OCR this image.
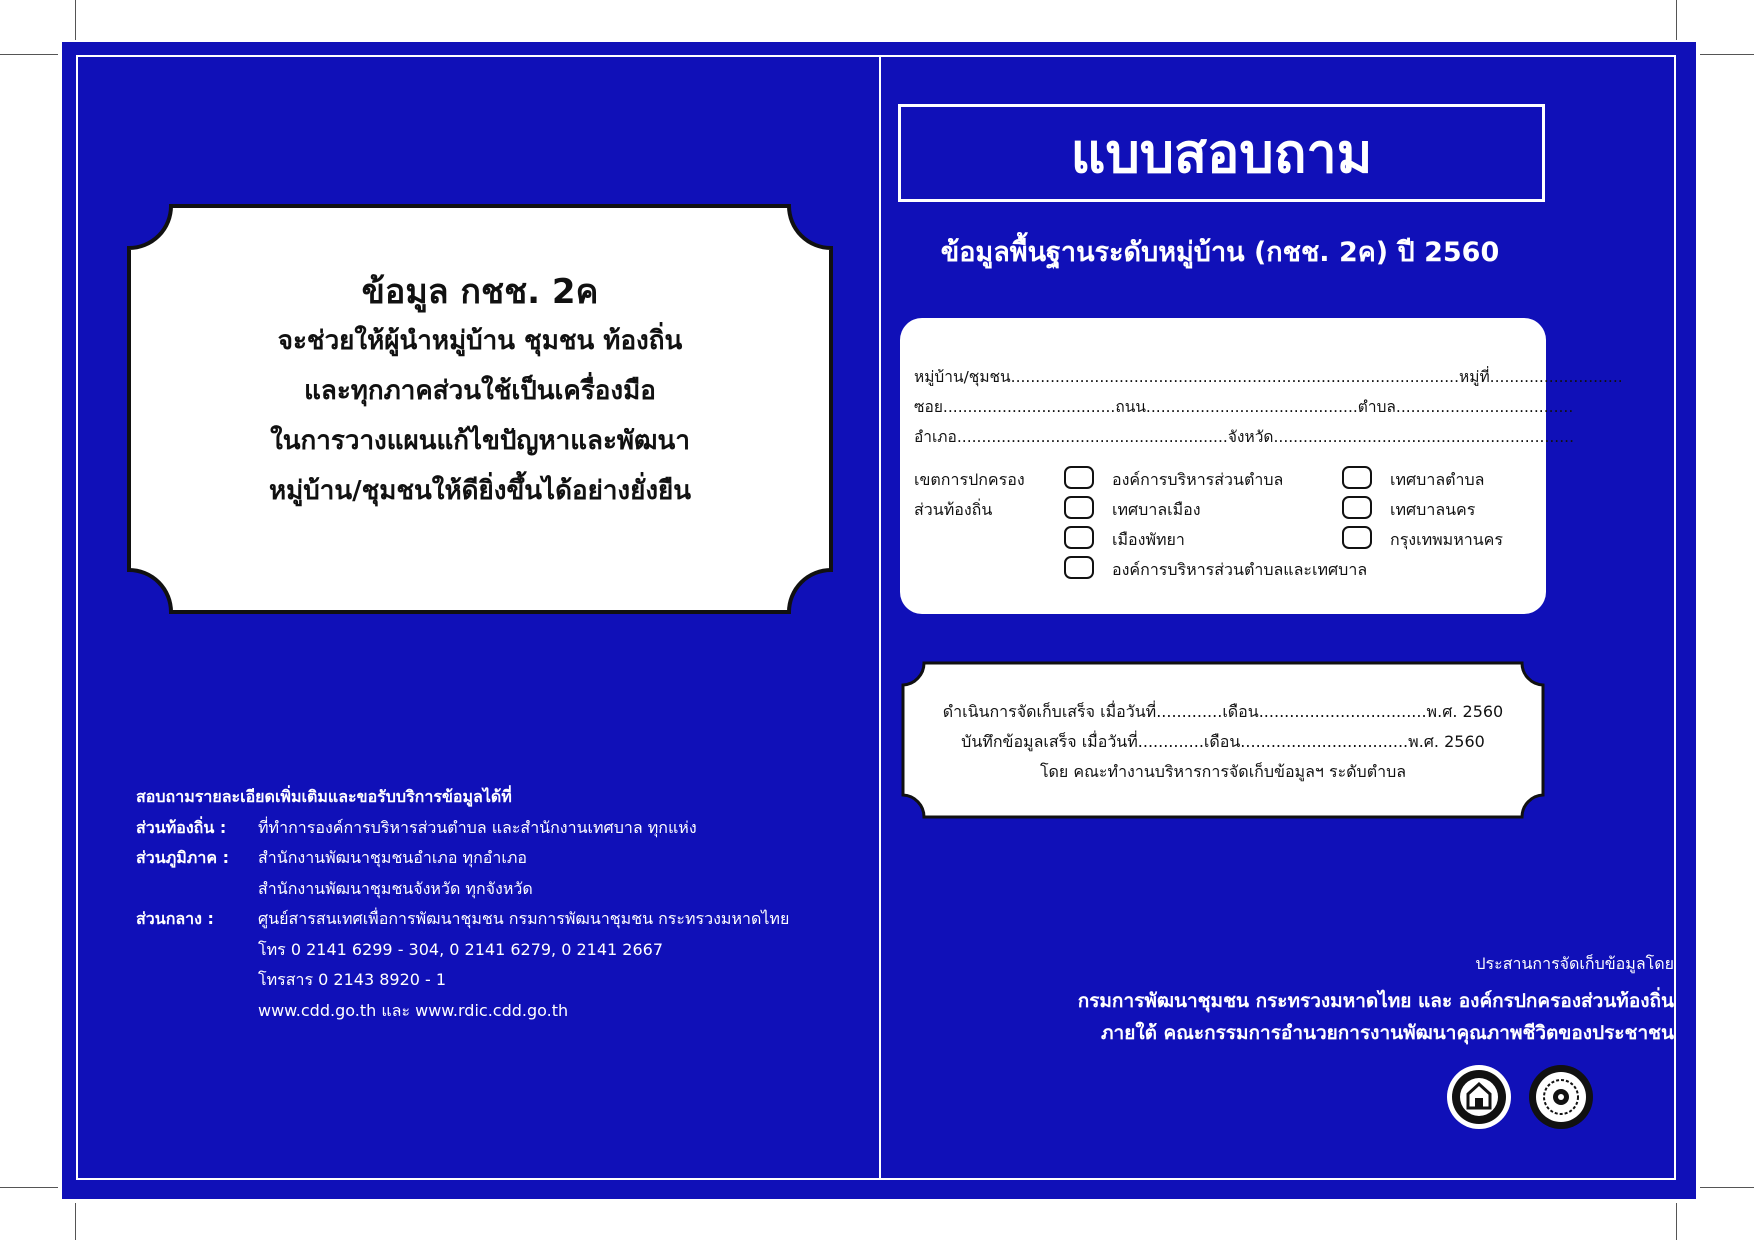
ข้อมูล กชช. 2ค
จะช่วยให้ผู้นำหมู่บ้าน ชุมชน ท้องถิ่น
และทุกภาคส่วนใช้เป็นเครื่องมือ
ในการวางแผนแก้ไขปัญหาและพัฒนา
หมู่บ้าน/ชุมชนให้ดียิ่งขึ้นได้อย่างยั่งยืน
สอบถามรายละเอียดเพิ่มเติมและขอรับบริการข้อมูลได้ที่
ส่วนท้องถิ่น :	ที่ทำการองค์การบริหารส่วนตำบล และสำนักงานเทศบาล ทุกแห่ง
ส่วนภูมิภาค :	สำนักงานพัฒนาชุมชนอำเภอ ทุกอำเภอ
สำนักงานพัฒนาชุมชนจังหวัด ทุกจังหวัด
ส่วนกลาง :	ศูนย์สารสนเทศเพื่อการพัฒนาชุมชน กรมการพัฒนาชุมชน กระทรวงมหาดไทย
โทร 0 2141 6299 - 304, 0 2141 6279, 0 2141 2667
โทรสาร 0 2143 8920 - 1
www.cdd.go.th และ www.rdic.cdd.go.th
แบบสอบถาม
ข้อมูลพื้นฐานระดับหมู่บ้าน (กชช. 2ค) ปี 2560
หมู่บ้าน/ชุมชน...........................................................................................หมู่ที่...........................
ซอย...................................ถนน...........................................ตำบล....................................
อำเภอ.......................................................จังหวัด.............................................................
เขตการปกครอง
ส่วนท้องถิ่น
องค์การบริหารส่วนตำบล	เทศบาลตำบล
เทศบาลเมือง	เทศบาลนคร
เมืองพัทยา	กรุงเทพมหานคร
องค์การบริหารส่วนตำบลและเทศบาล
ดำเนินการจัดเก็บเสร็จ เมื่อวันที่.............เดือน.................................พ.ศ. 2560
บันทึกข้อมูลเสร็จ เมื่อวันที่.............เดือน.................................พ.ศ. 2560
โดย คณะทำงานบริหารการจัดเก็บข้อมูลฯ ระดับตำบล
ประสานการจัดเก็บข้อมูลโดย
กรมการพัฒนาชุมชน กระทรวงมหาดไทย และ องค์กรปกครองส่วนท้องถิ่น
ภายใต้ คณะกรรมการอำนวยการงานพัฒนาคุณภาพชีวิตของประชาชน
